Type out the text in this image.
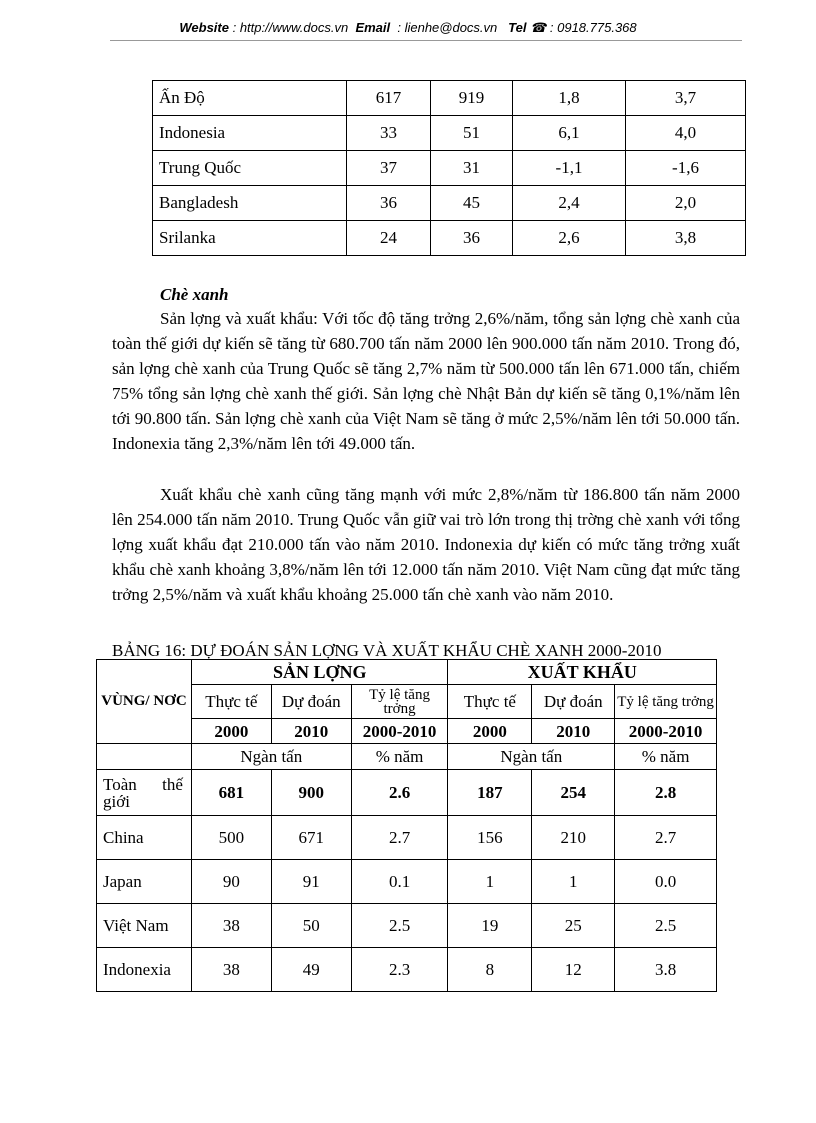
Website : http://www.docs.vn Email : lienhe@docs.vn Tel ☎ : 0918.775.368
Ấn Độ	617	919	1,8	3,7
Indonesia	33	51	6,1	4,0
Trung Quốc	37	31	-1,1	-1,6
Bangladesh	36	45	2,4	2,0
Srilanka	24	36	2,6	3,8
Chè xanh

Sản lợng và xuất khẩu: Với tốc độ tăng trởng 2,6%/năm, tổng sản lợng chè xanh của toàn thế giới dự kiến sẽ tăng từ 680.700 tấn năm 2000 lên 900.000 tấn năm 2010. Trong đó, sản lợng chè xanh của Trung Quốc sẽ tăng 2,7% năm từ 500.000 tấn lên 671.000 tấn, chiếm 75% tổng sản lợng chè xanh thế giới. Sản lợng chè Nhật Bản dự kiến sẽ tăng 0,1%/năm lên tới 90.800 tấn. Sản lợng chè xanh của Việt Nam sẽ tăng ở mức 2,5%/năm lên tới 50.000 tấn. Indonexia tăng 2,3%/năm lên tới 49.000 tấn.

Xuất khẩu chè xanh cũng tăng mạnh với mức 2,8%/năm từ 186.800 tấn năm 2000 lên 254.000 tấn năm 2010. Trung Quốc vẫn giữ vai trò lớn trong thị trờng chè xanh với tổng lợng xuất khẩu đạt 210.000 tấn vào năm 2010. Indonexia dự kiến có mức tăng trởng xuất khẩu chè xanh khoảng 3,8%/năm lên tới 12.000 tấn năm 2010. Việt Nam cũng đạt mức tăng trởng 2,5%/năm và xuất khẩu khoảng 25.000 tấn chè xanh vào năm 2010.

BẢNG 16: DỰ ĐOÁN SẢN LỢNG VÀ XUẤT KHẨU CHÈ XANH 2000-2010
VÙNG/ NƠC	SẢN LỢNG			XUẤT KHẨU		
	Thực tế	Dự đoán	Tỷ lệ tăng trởng	Thực tế	Dự đoán	Tỷ lệ tăng trởng
	2000	2010	2000-2010	2000	2010	2000-2010
	Ngàn tấn		% năm	Ngàn tấn		% năm

Toàn thế
giới	681	900	2.6	187	254	2.8
China	500	671	2.7	156	210	2.7
Japan	90	91	0.1	1	1	0.0
Việt Nam	38	50	2.5	19	25	2.5
Indonexia	38	49	2.3	8	12	3.8
